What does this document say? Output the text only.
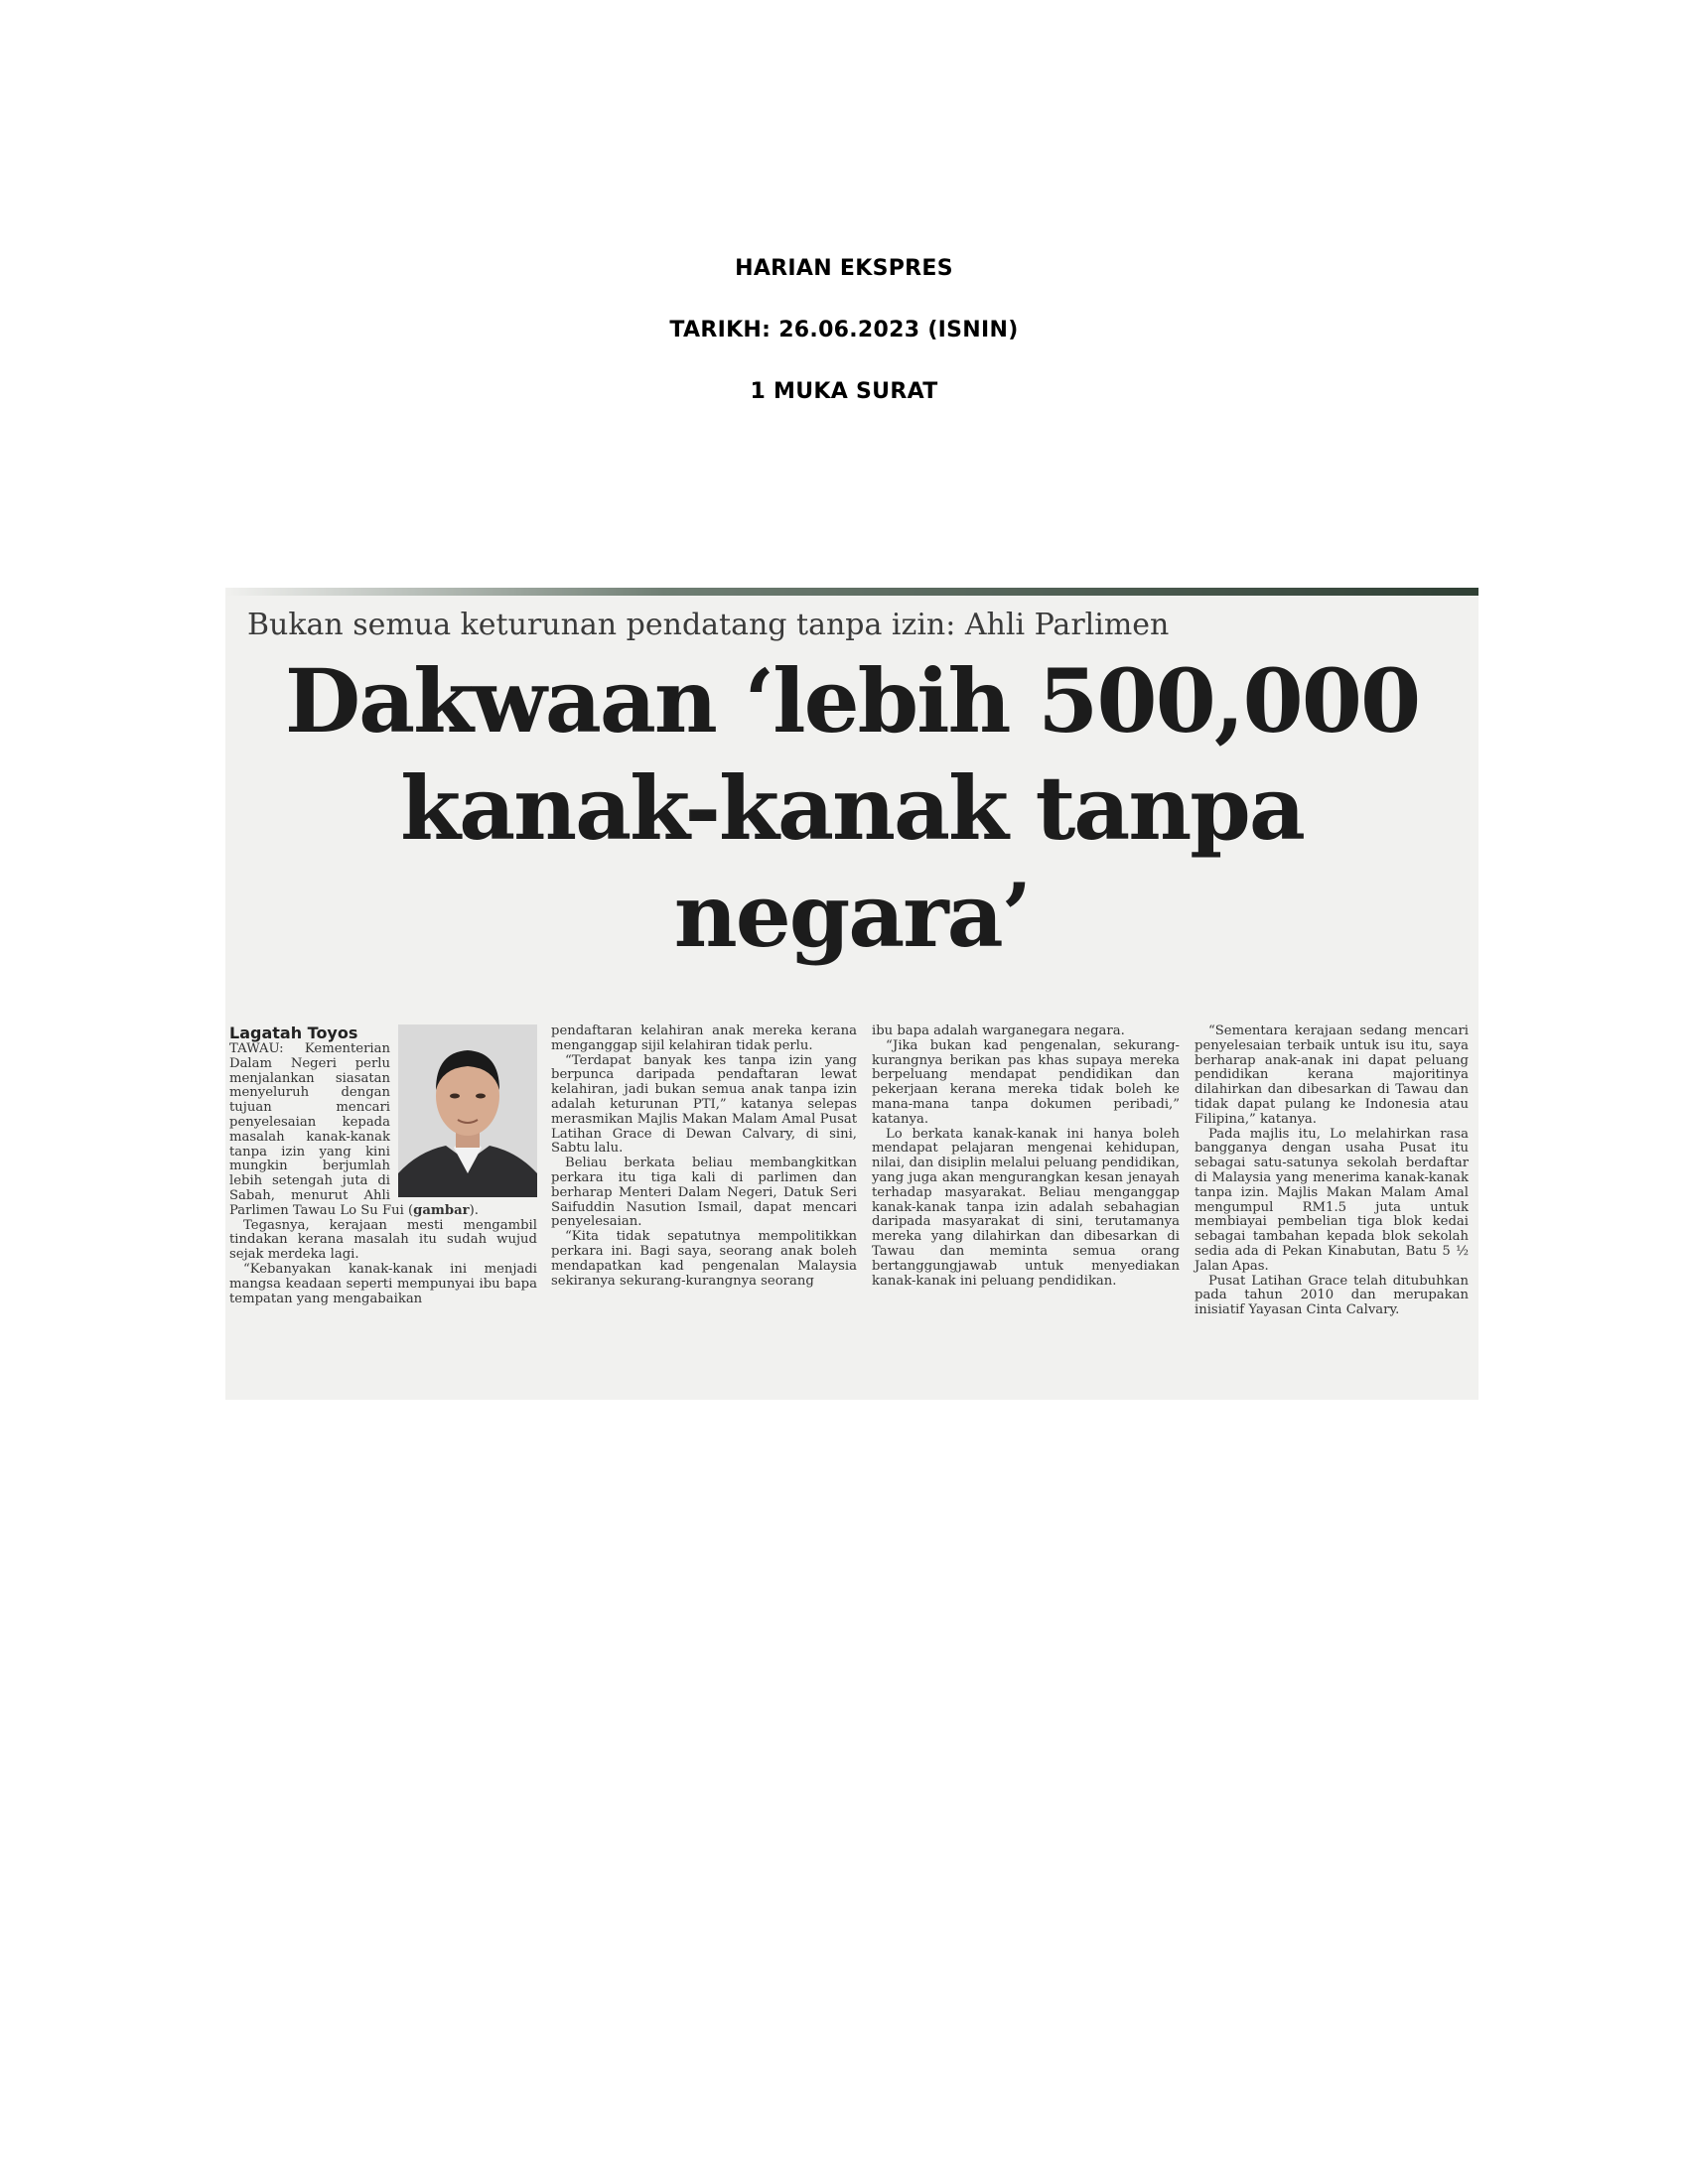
HARIAN EKSPRES

TARIKH: 26.06.2023 (ISNIN)

1 MUKA SURAT

Bukan semua keturunan pendatang tanpa izin: Ahli Parlimen
Dakwaan ‘lebih 500,000
kanak-kanak tanpa negara’

Lagatah Toyos

TAWAU: Kementerian Dalam Negeri perlu menjalankan siasatan menyeluruh dengan tujuan mencari penyelesaian kepada masalah kanak-kanak tanpa izin yang kini mungkin berjumlah lebih setengah juta di Sabah, menurut Ahli Parlimen Tawau Lo Su Fui (gambar).

Tegasnya, kerajaan mesti mengambil tindakan kerana masalah itu sudah wujud sejak merdeka lagi.

“Kebanyakan kanak-kanak ini menjadi mangsa keadaan seperti mempunyai ibu bapa tempatan yang mengabaikan

pendaftaran kelahiran anak mereka kerana menganggap sijil kelahiran tidak perlu.

“Terdapat banyak kes tanpa izin yang berpunca daripada pendaftaran lewat kelahiran, jadi bukan semua anak tanpa izin adalah keturunan PTI,” katanya selepas merasmikan Majlis Makan Malam Amal Pusat Latihan Grace di Dewan Calvary, di sini, Sabtu lalu.

Beliau berkata beliau membangkitkan perkara itu tiga kali di parlimen dan berharap Menteri Dalam Negeri, Datuk Seri Saifuddin Nasution Ismail, dapat mencari penyelesaian.

“Kita tidak sepatutnya mempolitikkan perkara ini. Bagi saya, seorang anak boleh mendapatkan kad pengenalan Malaysia sekiranya sekurang-kurangnya seorang

ibu bapa adalah warganegara negara.

“Jika bukan kad pengenalan, sekurang-kurangnya berikan pas khas supaya mereka berpeluang mendapat pendidikan dan pekerjaan kerana mereka tidak boleh ke mana-mana tanpa dokumen peribadi,” katanya.

Lo berkata kanak-kanak ini hanya boleh mendapat pelajaran mengenai kehidupan, nilai, dan disiplin melalui peluang pendidikan, yang juga akan mengurangkan kesan jenayah terhadap masyarakat. Beliau menganggap kanak-kanak tanpa izin adalah sebahagian daripada masyarakat di sini, terutamanya mereka yang dilahirkan dan dibesarkan di Tawau dan meminta semua orang bertanggungjawab untuk menyediakan kanak-kanak ini peluang pendidikan.

“Sementara kerajaan sedang mencari penyelesaian terbaik untuk isu itu, saya berharap anak-anak ini dapat peluang pendidikan kerana majoritinya dilahirkan dan dibesarkan di Tawau dan tidak dapat pulang ke Indonesia atau Filipina,” katanya.

Pada majlis itu, Lo melahirkan rasa bangganya dengan usaha Pusat itu sebagai satu-satunya sekolah berdaftar di Malaysia yang menerima kanak-kanak tanpa izin. Majlis Makan Malam Amal mengumpul RM1.5 juta untuk membiayai pembelian tiga blok kedai sebagai tambahan kepada blok sekolah sedia ada di Pekan Kinabutan, Batu 5 ½ Jalan Apas.

Pusat Latihan Grace telah ditubuhkan pada tahun 2010 dan merupakan inisiatif Yayasan Cinta Calvary.
